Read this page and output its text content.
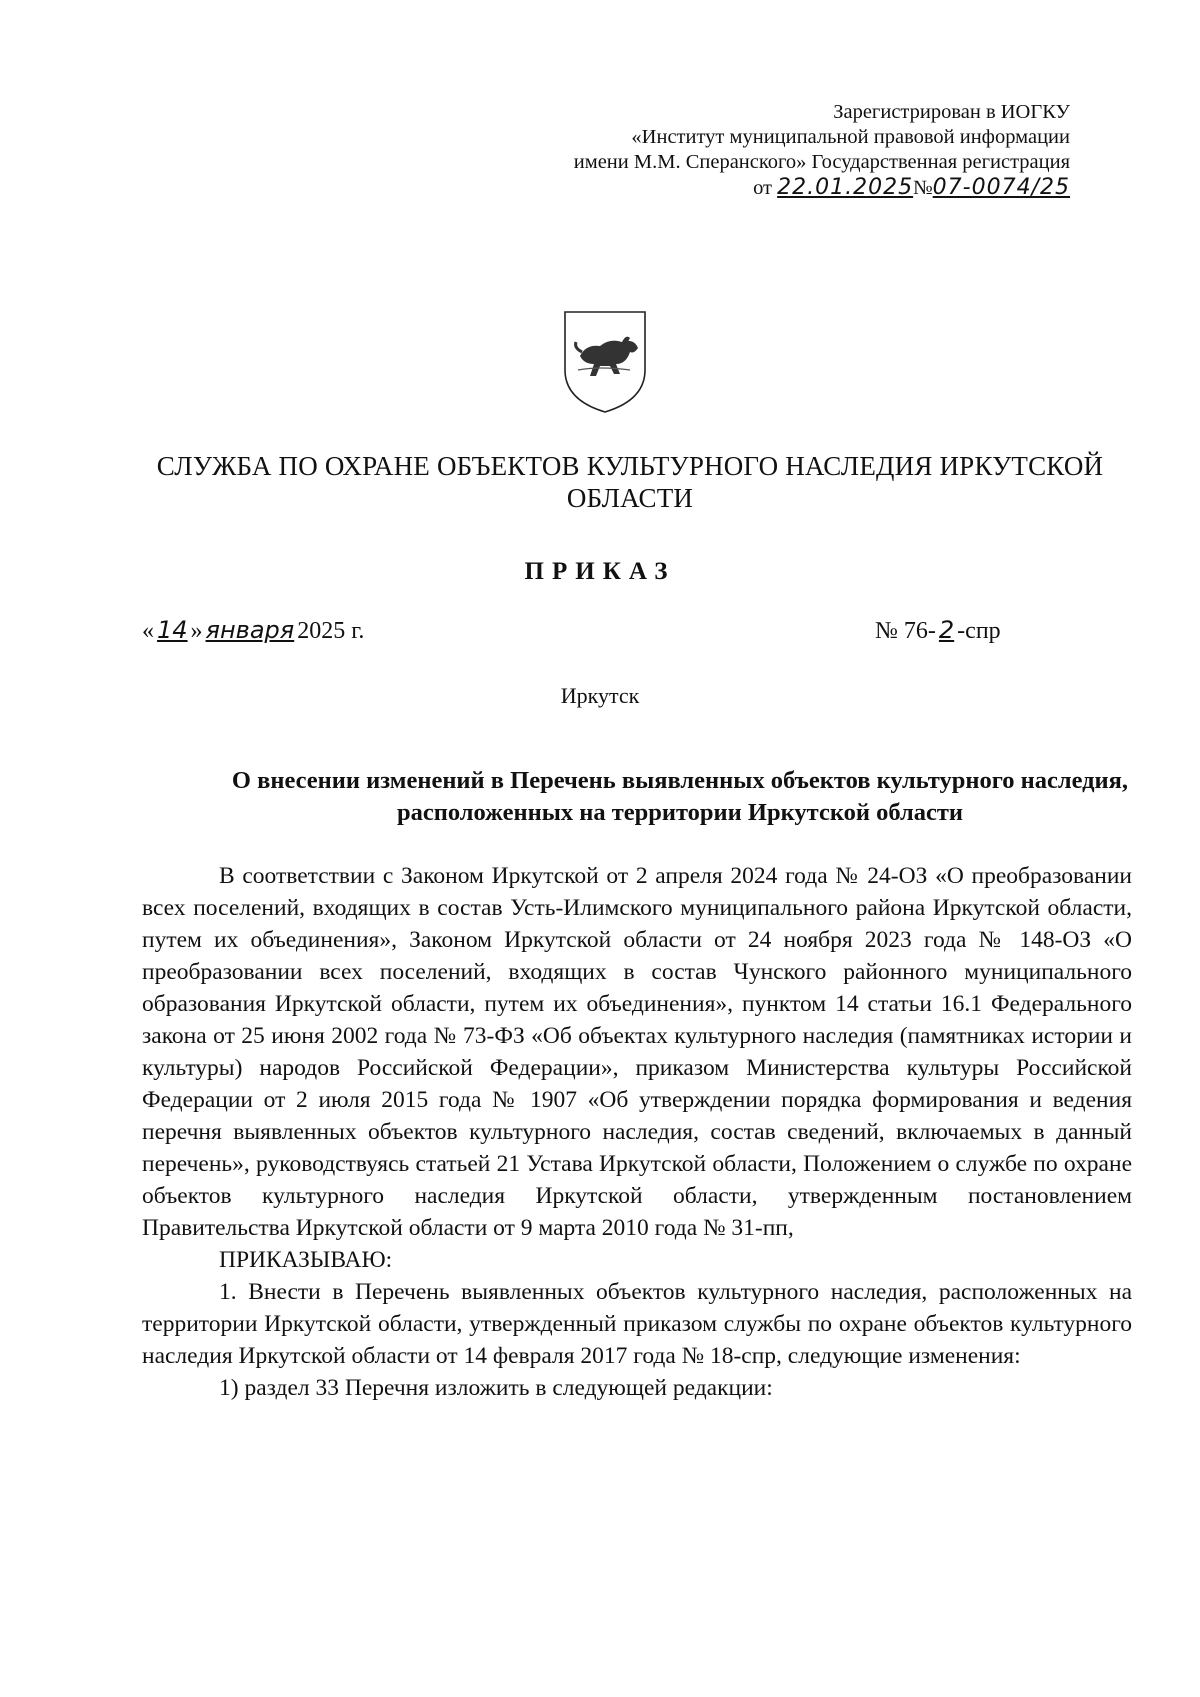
Зарегистрирован в ИОГКУ
«Институт муниципальной правовой информации
имени М.М. Сперанского» Государственная регистрация
от 22.01.2025№07-0074/25
СЛУЖБА ПО ОХРАНЕ ОБЪЕКТОВ КУЛЬТУРНОГО НАСЛЕДИЯ ИРКУТСКОЙ ОБЛАСТИ
ПРИКАЗ
« 14 » января 2025 г.	№ 76- 2 -спр
Иркутск
О внесении изменений в Перечень выявленных объектов культурного наследия, расположенных на территории Иркутской области

В соответствии с Законом Иркутской от 2 апреля 2024 года № 24-ОЗ «О преобразовании всех поселений, входящих в состав Усть-Илимского муниципального района Иркутской области, путем их объединения», Законом Иркутской области от 24 ноября 2023 года № 148-ОЗ «О преобразовании всех поселений, входящих в состав Чунского районного муниципального образования Иркутской области, путем их объединения», пунктом 14 статьи 16.1 Федерального закона от 25 июня 2002 года № 73-ФЗ «Об объектах культурного наследия (памятниках истории и культуры) народов Российской Федерации», приказом Министерства культуры Российской Федерации от 2 июля 2015 года № 1907 «Об утверждении порядка формирования и ведения перечня выявленных объектов культурного наследия, состав сведений, включаемых в данный перечень», руководствуясь статьей 21 Устава Иркутской области, Положением о службе по охране объектов культурного наследия Иркутской области, утвержденным постановлением Правительства Иркутской области от 9 марта 2010 года № 31-пп,

ПРИКАЗЫВАЮ:

1. Внести в Перечень выявленных объектов культурного наследия, расположенных на территории Иркутской области, утвержденный приказом службы по охране объектов культурного наследия Иркутской области от 14 февраля 2017 года № 18-спр, следующие изменения:

1) раздел 33 Перечня изложить в следующей редакции:
